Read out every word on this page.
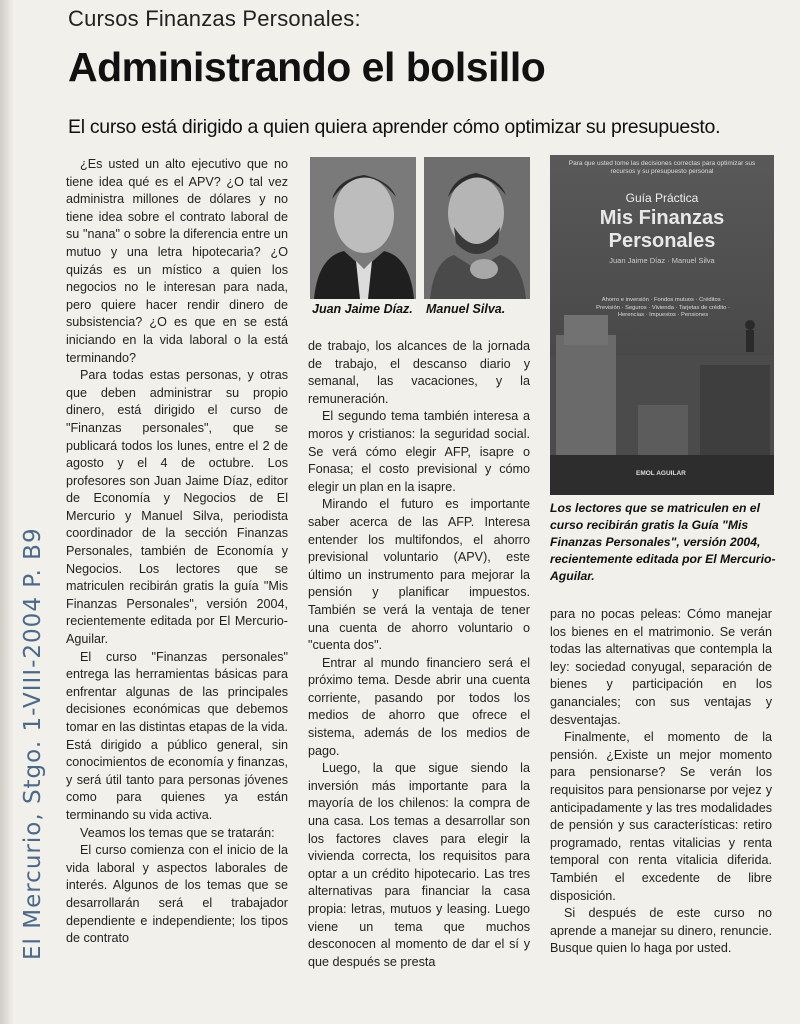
Cursos Finanzas Personales:
Administrando el bolsillo
El curso está dirigido a quien quiera aprender cómo optimizar su presupuesto.

¿Es usted un alto ejecutivo que no tiene idea qué es el APV? ¿O tal vez administra millones de dólares y no tiene idea sobre el contrato laboral de su "nana" o sobre la diferencia entre un mutuo y una letra hipotecaria? ¿O quizás es un místico a quien los negocios no le interesan para nada, pero quiere hacer rendir dinero de subsistencia? ¿O es que en se está iniciando en la vida laboral o la está terminando?

Para todas estas personas, y otras que deben administrar su propio dinero, está dirigido el curso de "Finanzas personales", que se publicará todos los lunes, entre el 2 de agosto y el 4 de octubre. Los profesores son Juan Jaime Díaz, editor de Economía y Negocios de El Mercurio y Manuel Silva, periodista coordinador de la sección Finanzas Personales, también de Economía y Negocios. Los lectores que se matriculen recibirán gratis la guía "Mis Finanzas Personales", versión 2004, recientemente editada por El Mercurio-Aguilar.

El curso "Finanzas personales" entrega las herramientas básicas para enfrentar algunas de las principales decisiones económicas que debemos tomar en las distintas etapas de la vida. Está dirigido a público general, sin conocimientos de economía y finanzas, y será útil tanto para personas jóvenes como para quienes ya están terminando su vida activa.

Veamos los temas que se tratarán:

El curso comienza con el inicio de la vida laboral y aspectos laborales de interés. Algunos de los temas que se desarrollarán será el trabajador dependiente e independiente; los tipos de contrato

Juan Jaime Díaz. Manuel Silva.
Para que usted tome las decisiones correctas para optimizar sus recursos y su presupuesto personal
Guía Práctica
Mis Finanzas
Personales
Juan Jaime Díaz · Manuel Silva
Ahorro e inversión · Fondos mutuos · Créditos · Previsión · Seguros · Vivienda · Tarjetas de crédito · Herencias · Impuestos · Pensiones
EMOL AGUILAR
Los lectores que se matriculen en el curso recibirán gratis la Guía "Mis Finanzas Personales", versión 2004, recientemente editada por El Mercurio-Aguilar.

de trabajo, los alcances de la jornada de trabajo, el descanso diario y semanal, las vacaciones, y la remuneración.

El segundo tema también interesa a moros y cristianos: la seguridad social. Se verá cómo elegir AFP, isapre o Fonasa; el costo previsional y cómo elegir un plan en la isapre.

Mirando el futuro es importante saber acerca de las AFP. Interesa entender los multifondos, el ahorro previsional voluntario (APV), este último un instrumento para mejorar la pensión y planificar impuestos. También se verá la ventaja de tener una cuenta de ahorro voluntario o "cuenta dos".

Entrar al mundo financiero será el próximo tema. Desde abrir una cuenta corriente, pasando por todos los medios de ahorro que ofrece el sistema, además de los medios de pago.

Luego, la que sigue siendo la inversión más importante para la mayoría de los chilenos: la compra de una casa. Los temas a desarrollar son los factores claves para elegir la vivienda correcta, los requisitos para optar a un crédito hipotecario. Las tres alternativas para financiar la casa propia: letras, mutuos y leasing. Luego viene un tema que muchos desconocen al momento de dar el sí y que después se presta

para no pocas peleas: Cómo manejar los bienes en el matrimonio. Se verán todas las alternativas que contempla la ley: sociedad conyugal, separación de bienes y participación en los gananciales; con sus ventajas y desventajas.

Finalmente, el momento de la pensión. ¿Existe un mejor momento para pensionarse? Se verán los requisitos para pensionarse por vejez y anticipadamente y las tres modalidades de pensión y sus características: retiro programado, rentas vitalicias y renta temporal con renta vitalicia diferida. También el excedente de libre disposición.

Si después de este curso no aprende a manejar su dinero, renuncie. Busque quien lo haga por usted.

El Mercurio, Stgo. 1-VIII-2004 P. B9
